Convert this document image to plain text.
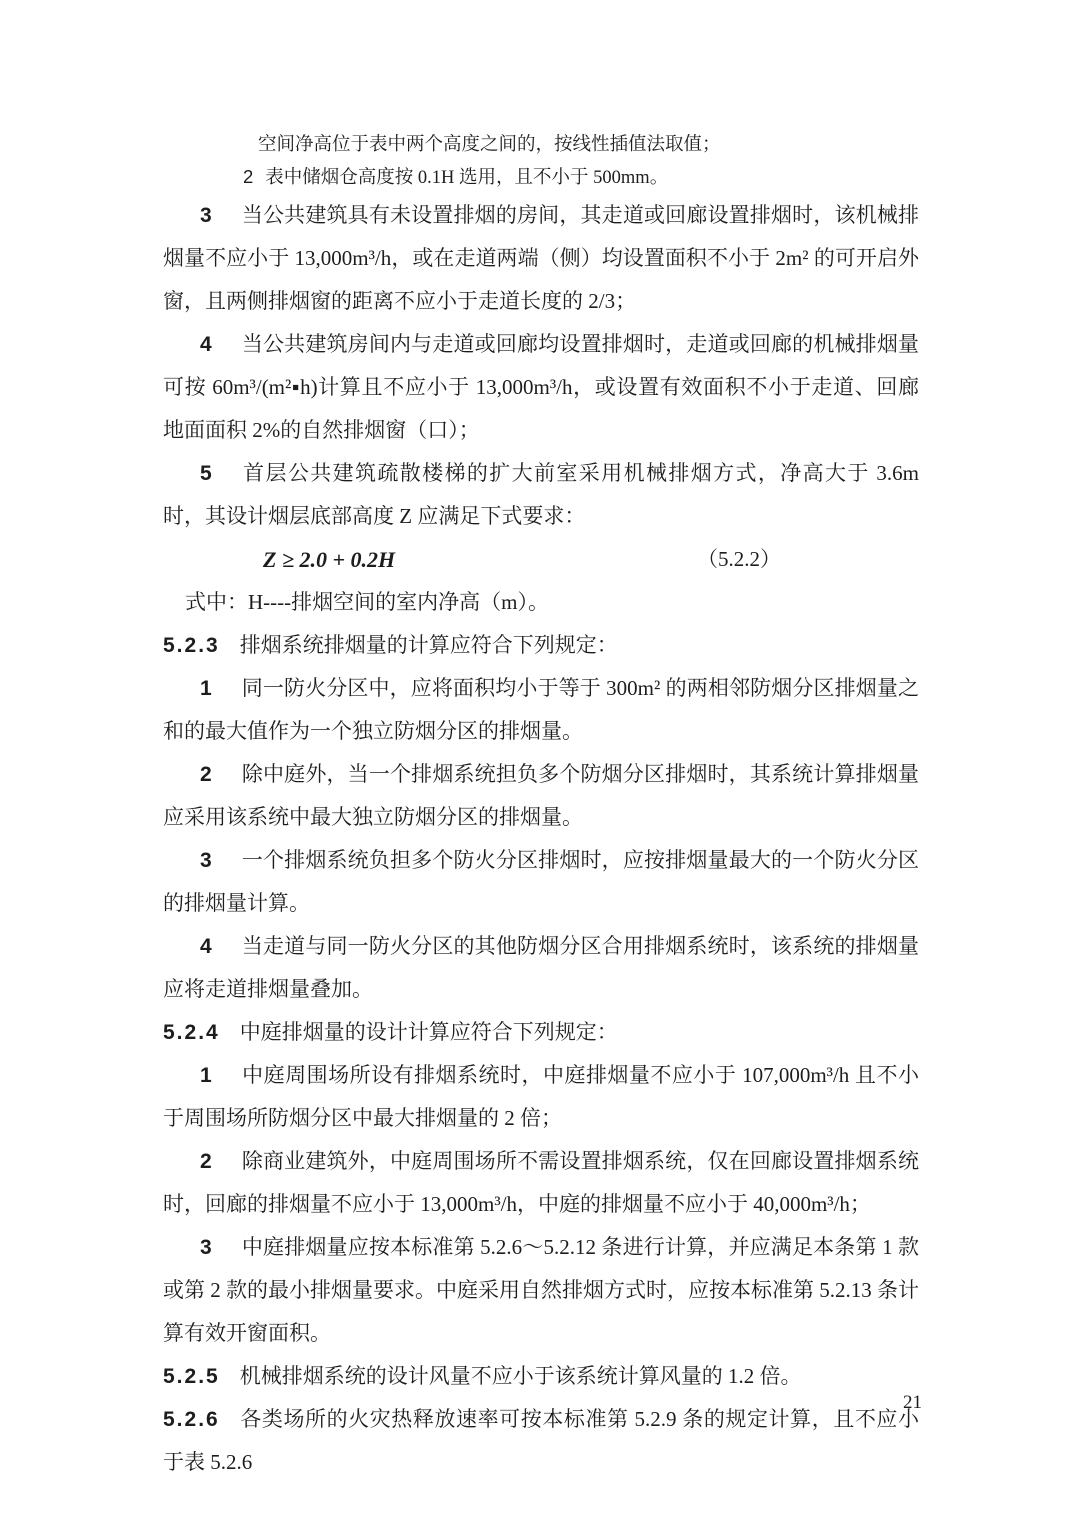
空间净高位于表中两个高度之间的，按线性插值法取值；
2 表中储烟仓高度按 0.1H 选用，且不小于 500mm。
3 当公共建筑具有未设置排烟的房间，其走道或回廊设置排烟时，该机械排烟量不应小于 13,000m³/h，或在走道两端（侧）均设置面积不小于 2m² 的可开启外窗，且两侧排烟窗的距离不应小于走道长度的 2/3；
4 当公共建筑房间内与走道或回廊均设置排烟时，走道或回廊的机械排烟量可按 60m³/(m²▪h)计算且不应小于 13,000m³/h，或设置有效面积不小于走道、回廊地面面积 2%的自然排烟窗（口）；
5 首层公共建筑疏散楼梯的扩大前室采用机械排烟方式，净高大于 3.6m 时，其设计烟层底部高度 Z 应满足下式要求：
Z ≥ 2.0 + 0.2H	（5.2.2）
式中：H----排烟空间的室内净高（m）。
5.2.3 排烟系统排烟量的计算应符合下列规定：
1 同一防火分区中，应将面积均小于等于 300m² 的两相邻防烟分区排烟量之和的最大值作为一个独立防烟分区的排烟量。
2 除中庭外，当一个排烟系统担负多个防烟分区排烟时，其系统计算排烟量应采用该系统中最大独立防烟分区的排烟量。
3 一个排烟系统负担多个防火分区排烟时，应按排烟量最大的一个防火分区的排烟量计算。
4 当走道与同一防火分区的其他防烟分区合用排烟系统时，该系统的排烟量应将走道排烟量叠加。
5.2.4 中庭排烟量的设计计算应符合下列规定：
1 中庭周围场所设有排烟系统时，中庭排烟量不应小于 107,000m³/h 且不小于周围场所防烟分区中最大排烟量的 2 倍；
2 除商业建筑外，中庭周围场所不需设置排烟系统，仅在回廊设置排烟系统时，回廊的排烟量不应小于 13,000m³/h，中庭的排烟量不应小于 40,000m³/h；
3 中庭排烟量应按本标准第 5.2.6～5.2.12 条进行计算，并应满足本条第 1 款或第 2 款的最小排烟量要求。中庭采用自然排烟方式时，应按本标准第 5.2.13 条计算有效开窗面积。
5.2.5 机械排烟系统的设计风量不应小于该系统计算风量的 1.2 倍。
5.2.6 各类场所的火灾热释放速率可按本标准第 5.2.9 条的规定计算，且不应小于表 5.2.6
21
